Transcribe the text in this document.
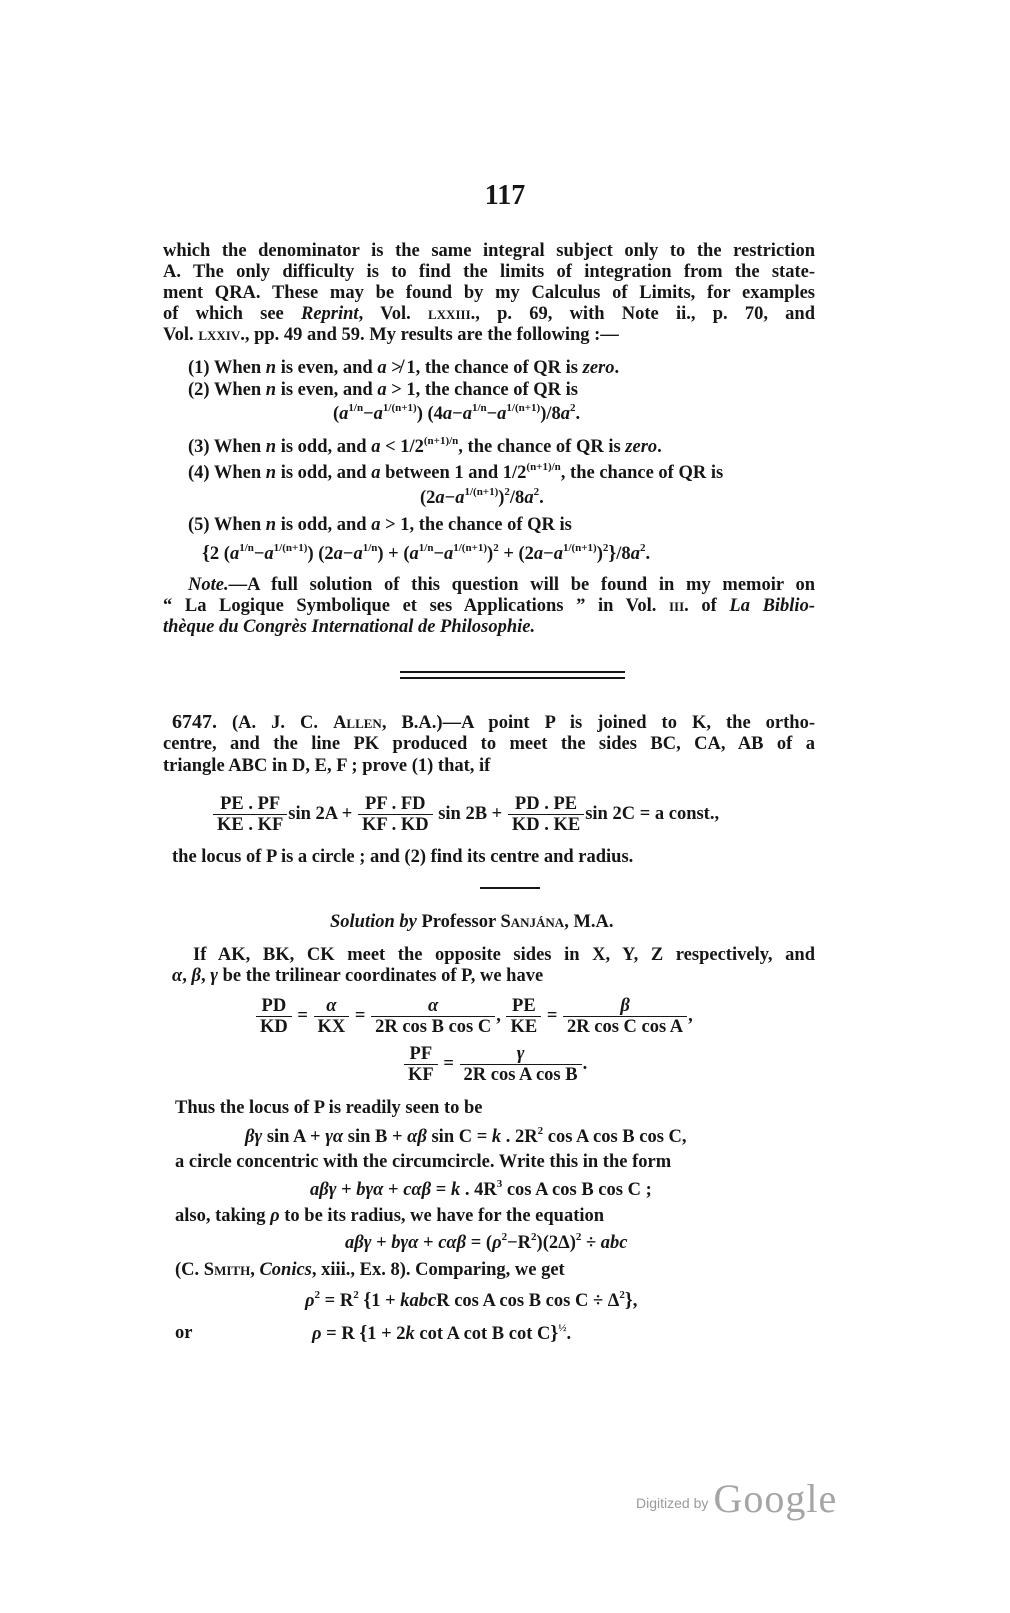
117
which the denominator is the same integral subject only to the restriction
A. The only difficulty is to find the limits of integration from the state-
ment QRA. These may be found by my Calculus of Limits, for examples
of which see Reprint, Vol. lxxiii., p. 69, with Note ii., p. 70, and
Vol. lxxiv., pp. 49 and 59. My results are the following :—
(1) When n is even, and a ≯ 1, the chance of QR is zero.
(2) When n is even, and a > 1, the chance of QR is
$(a^{1/n}-a^{1/(n+1)})$ $(4a-a^{1/n}-a^{1/(n+1)})/8a^2$.
(3) When n is odd, and $a < 1/2^{(n+1)/n}$, the chance of QR is zero.
(4) When n is odd, and a between 1 and $1/2^{(n+1)/n}$, the chance of QR is
$(2a-a^{1/(n+1)})^2/8a^2$.
(5) When n is odd, and a > 1, the chance of QR is
{2 $(a^{1/n}-a^{1/(n+1)}) (2a-a^{1/n}) + (a^{1/n}-a^{1/(n+1)})^2 + (2a-a^{1/(n+1)})^2\}/8a^2$.
Note.—A full solution of this question will be found in my memoir on
“ La Logique Symbolique et ses Applications ” in Vol. iii. of La Biblio-
thèque du Congrès International de Philosophie.
6747. (A. J. C. Allen, B.A.)—A point P is joined to K, the ortho-
centre, and the line PK produced to meet the sides BC, CA, AB of a
triangle ABC in D, E, F ; prove (1) that, if
$\frac{PE . PF}{KE . KF}$ $\sin 2A + \frac{PF . FD}{KF . KD}$ $\sin 2B + \frac{PD . PE}{KD . KE}$ sin 2C = a const.,
the locus of P is a circle ; and (2) find its centre and radius.
Solution by Professor Sanjána, M.A.
If AK, BK, CK meet the opposite sides in X, Y, Z respectively, and
α, β, γ be the trilinear coordinates of P, we have
$\frac{PD}{KD} = \frac{\alpha}{KX} = \frac{\alpha}{\text{2R cos B cos C}}$ , $\frac{PE}{KE} = \frac{\beta}{\text{2R cos C cos A}}$ ,
$\frac{PF}{KF} = \frac{\gamma}{\text{2R cos A cos B}}$ .
Thus the locus of P is readily seen to be
βγ sin A + γα sin B + αβ sin C = k . $2R^2$ cos A cos B cos C,
a circle concentric with the circumcircle. Write this in the form
aβγ + bγα + cαβ = k . $4R^3$ cos A cos B cos C ;
also, taking ρ to be its radius, we have for the equation
$a\beta\gamma + b\gamma\alpha + c\alpha\beta = (\rho^2-R^2)(2\Delta)^2$ ÷ abc
(C. Smith, Conics, xiii., Ex. 8). Comparing, we get
$\rho^2 = R^2$ {1 + kabcR cos A cos B $\cos C \div \Delta^2$},
or	ρ = R {1 + 2k cot A cot B cot C}$^{\frac{1}{2}}$.
$^{Digitized by}$ Google
